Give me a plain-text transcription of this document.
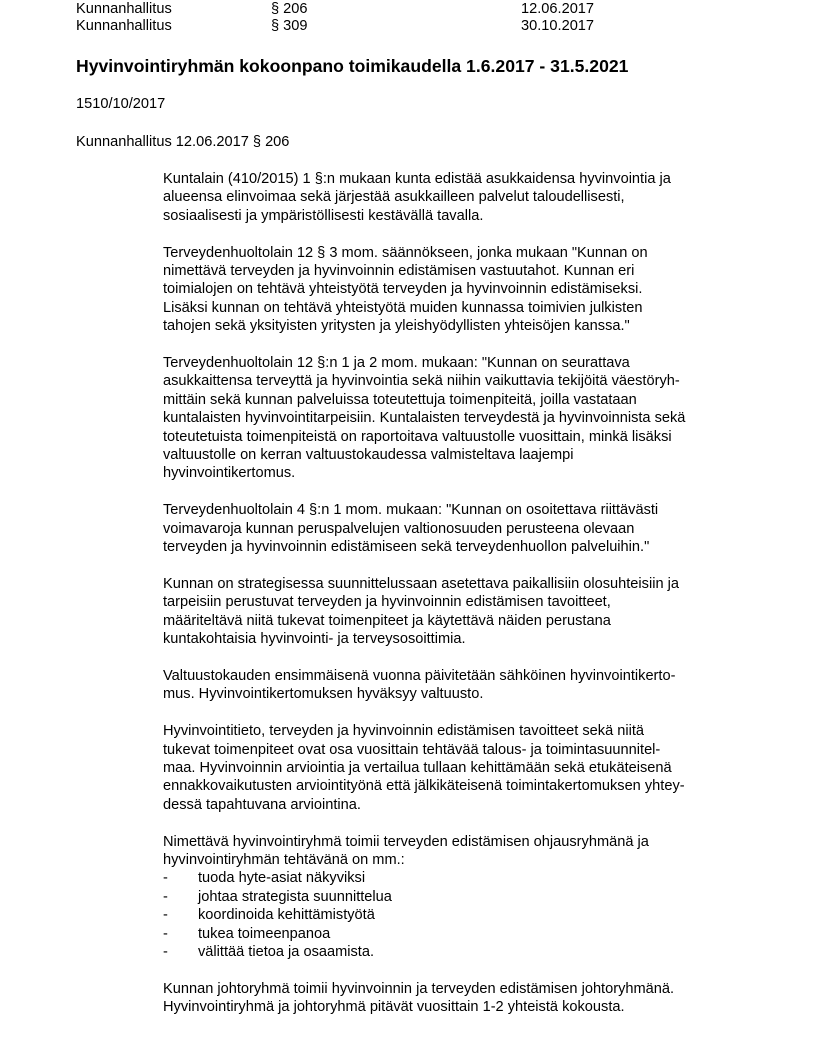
Kunnanhallitus	§ 206	12.06.2017
Kunnanhallitus	§ 309	30.10.2017
Hyvinvointiryhmän kokoonpano toimikaudella 1.6.2017 - 31.5.2021
1510/10/2017
Kunnanhallitus 12.06.2017 § 206

Kuntalain (410/2015) 1 §:n mukaan kunta edistää asukkaidensa hyvinvointia ja
alueensa elinvoimaa sekä järjestää asukkailleen palvelut taloudellisesti,
sosiaalisesti ja ympäristöllisesti kestävällä tavalla.

Terveydenhuoltolain 12 § 3 mom. säännökseen, jonka mukaan "Kunnan on
nimettävä terveyden ja hyvinvoinnin edistämisen vastuutahot. Kunnan eri
toimialojen on tehtävä yhteistyötä terveyden ja hyvinvoinnin edistämiseksi.
Lisäksi kunnan on tehtävä yhteistyötä muiden kunnassa toimivien julkisten
tahojen sekä yksityisten yritysten ja yleishyödyllisten yhteisöjen kanssa."

Terveydenhuoltolain 12 §:n 1 ja 2 mom. mukaan: "Kunnan on seurattava
asukkaittensa terveyttä ja hyvinvointia sekä niihin vaikuttavia tekijöitä väestöryh-
mittäin sekä kunnan palveluissa toteutettuja toimenpiteitä, joilla vastataan
kuntalaisten hyvinvointitarpeisiin. Kuntalaisten terveydestä ja hyvinvoinnista sekä
toteutetuista toimenpiteistä on raportoitava valtuustolle vuosittain, minkä lisäksi
valtuustolle on kerran valtuustokaudessa valmisteltava laajempi
hyvinvointikertomus.

Terveydenhuoltolain 4 §:n 1 mom. mukaan: "Kunnan on osoitettava riittävästi
voimavaroja kunnan peruspalvelujen valtionosuuden perusteena olevaan
terveyden ja hyvinvoinnin edistämiseen sekä terveydenhuollon palveluihin."

Kunnan on strategisessa suunnittelussaan asetettava paikallisiin olosuhteisiin ja
tarpeisiin perustuvat terveyden ja hyvinvoinnin edistämisen tavoitteet,
määriteltävä niitä tukevat toimenpiteet ja käytettävä näiden perustana
kuntakohtaisia hyvinvointi- ja terveysosoittimia.

Valtuustokauden ensimmäisenä vuonna päivitetään sähköinen hyvinvointikerto-
mus. Hyvinvointikertomuksen hyväksyy valtuusto.

Hyvinvointitieto, terveyden ja hyvinvoinnin edistämisen tavoitteet sekä niitä
tukevat toimenpiteet ovat osa vuosittain tehtävää talous- ja toimintasuunnitel-
maa. Hyvinvoinnin arviointia ja vertailua tullaan kehittämään sekä etukäteisenä
ennakkovaikutusten arviointityönä että jälkikäteisenä toimintakertomuksen yhtey-
dessä tapahtuvana arviointina.

Nimettävä hyvinvointiryhmä toimii terveyden edistämisen ohjausryhmänä ja
hyvinvointiryhmän tehtävänä on mm.:

- tuoda hyte-asiat näkyviksi
- johtaa strategista suunnittelua
- koordinoida kehittämistyötä
- tukea toimeenpanoa
- välittää tietoa ja osaamista.

Kunnan johtoryhmä toimii hyvinvoinnin ja terveyden edistämisen johtoryhmänä.
Hyvinvointiryhmä ja johtoryhmä pitävät vuosittain 1-2 yhteistä kokousta.
